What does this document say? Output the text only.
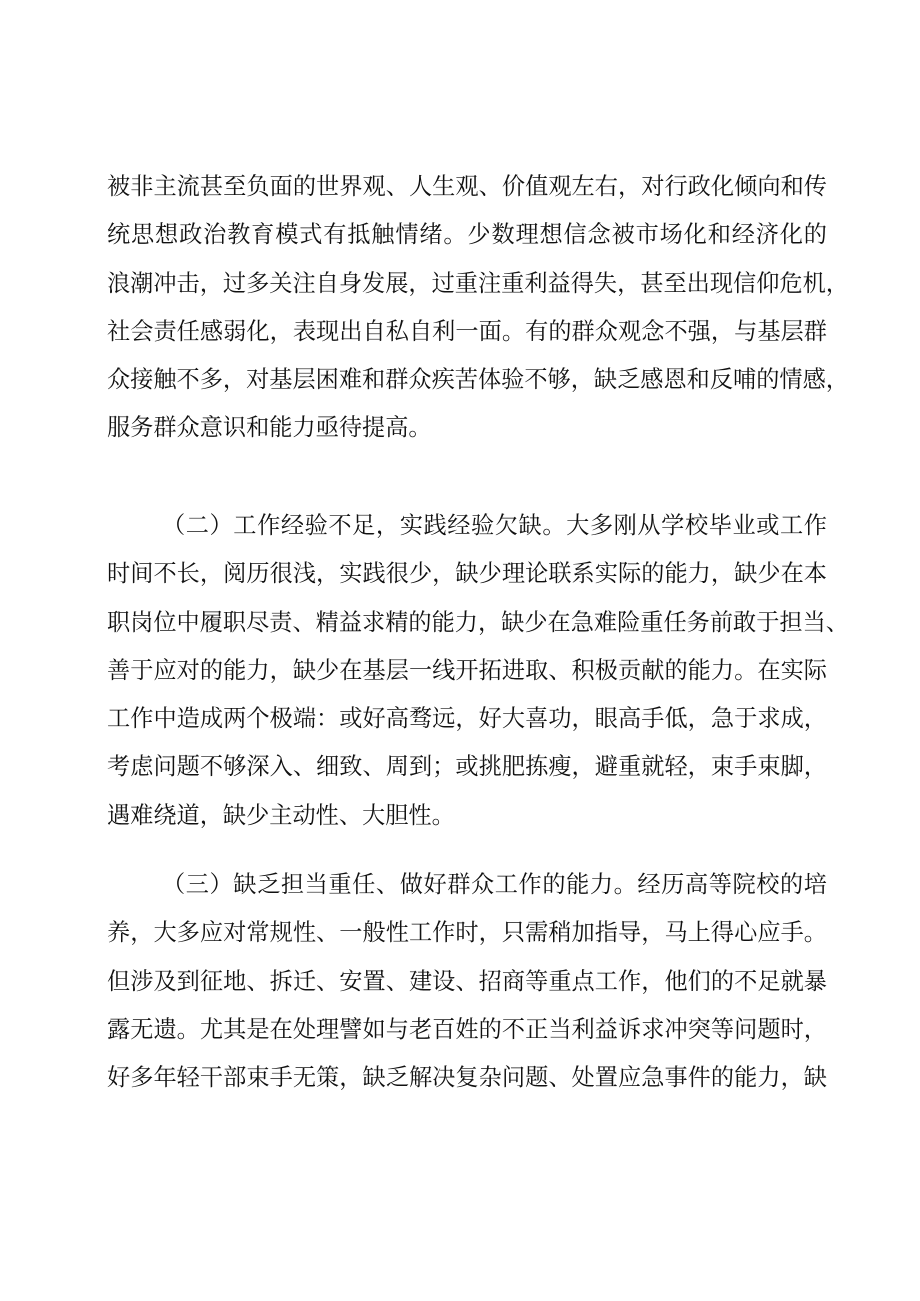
被非主流甚至负面的世界观、人生观、价值观左右，对行政化倾向和传
统思想政治教育模式有抵触情绪。少数理想信念被市场化和经济化的
浪潮冲击，过多关注自身发展，过重注重利益得失，甚至出现信仰危机，
社会责任感弱化，表现出自私自利一面。有的群众观念不强，与基层群
众接触不多，对基层困难和群众疾苦体验不够，缺乏感恩和反哺的情感，
服务群众意识和能力亟待提高。
（二）工作经验不足，实践经验欠缺。大多刚从学校毕业或工作
时间不长，阅历很浅，实践很少，缺少理论联系实际的能力，缺少在本
职岗位中履职尽责、精益求精的能力，缺少在急难险重任务前敢于担当、
善于应对的能力，缺少在基层一线开拓进取、积极贡献的能力。在实际
工作中造成两个极端：或好高骛远，好大喜功，眼高手低，急于求成，
考虑问题不够深入、细致、周到；或挑肥拣瘦，避重就轻，束手束脚，
遇难绕道，缺少主动性、大胆性。
（三）缺乏担当重任、做好群众工作的能力。经历高等院校的培
养，大多应对常规性、一般性工作时，只需稍加指导，马上得心应手。
但涉及到征地、拆迁、安置、建设、招商等重点工作，他们的不足就暴
露无遗。尤其是在处理譬如与老百姓的不正当利益诉求冲突等问题时，
好多年轻干部束手无策，缺乏解决复杂问题、处置应急事件的能力，缺
